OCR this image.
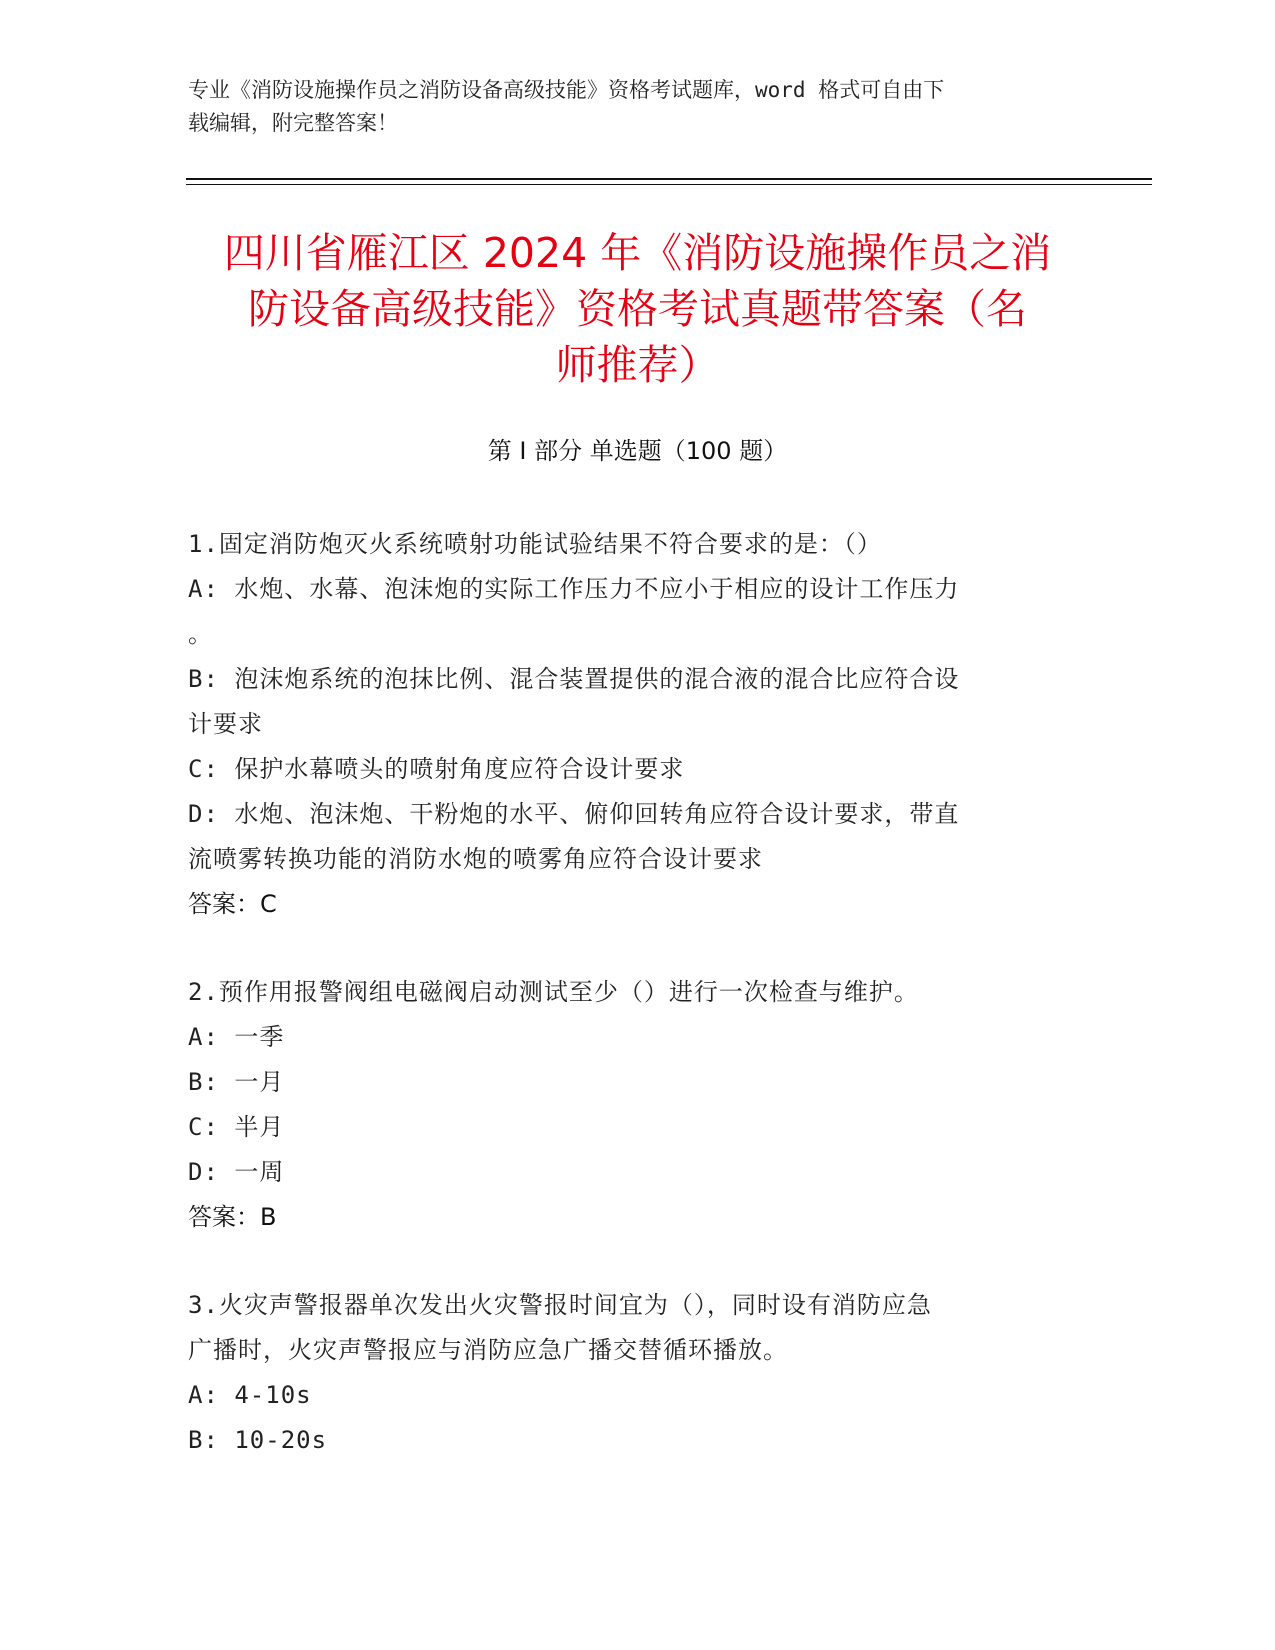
专业《消防设施操作员之消防设备高级技能》资格考试题库，word 格式可自由下
载编辑，附完整答案！
四川省雁江区 2024 年《消防设施操作员之消
防设备高级技能》资格考试真题带答案（名
师推荐）
第 I 部分 单选题（100 题）
1.固定消防炮灭火系统喷射功能试验结果不符合要求的是：（）
A: 水炮、水幕、泡沫炮的实际工作压力不应小于相应的设计工作压力
。
B: 泡沫炮系统的泡抹比例、混合装置提供的混合液的混合比应符合设
计要求
C: 保护水幕喷头的喷射角度应符合设计要求
D: 水炮、泡沫炮、干粉炮的水平、俯仰回转角应符合设计要求，带直
流喷雾转换功能的消防水炮的喷雾角应符合设计要求
答案：C
2.预作用报警阀组电磁阀启动测试至少（）进行一次检查与维护。
A: 一季
B: 一月
C: 半月
D: 一周
答案：B
3.火灾声警报器单次发出火灾警报时间宜为（），同时设有消防应急
广播时，火灾声警报应与消防应急广播交替循环播放。
A: 4-10s
B: 10-20s
